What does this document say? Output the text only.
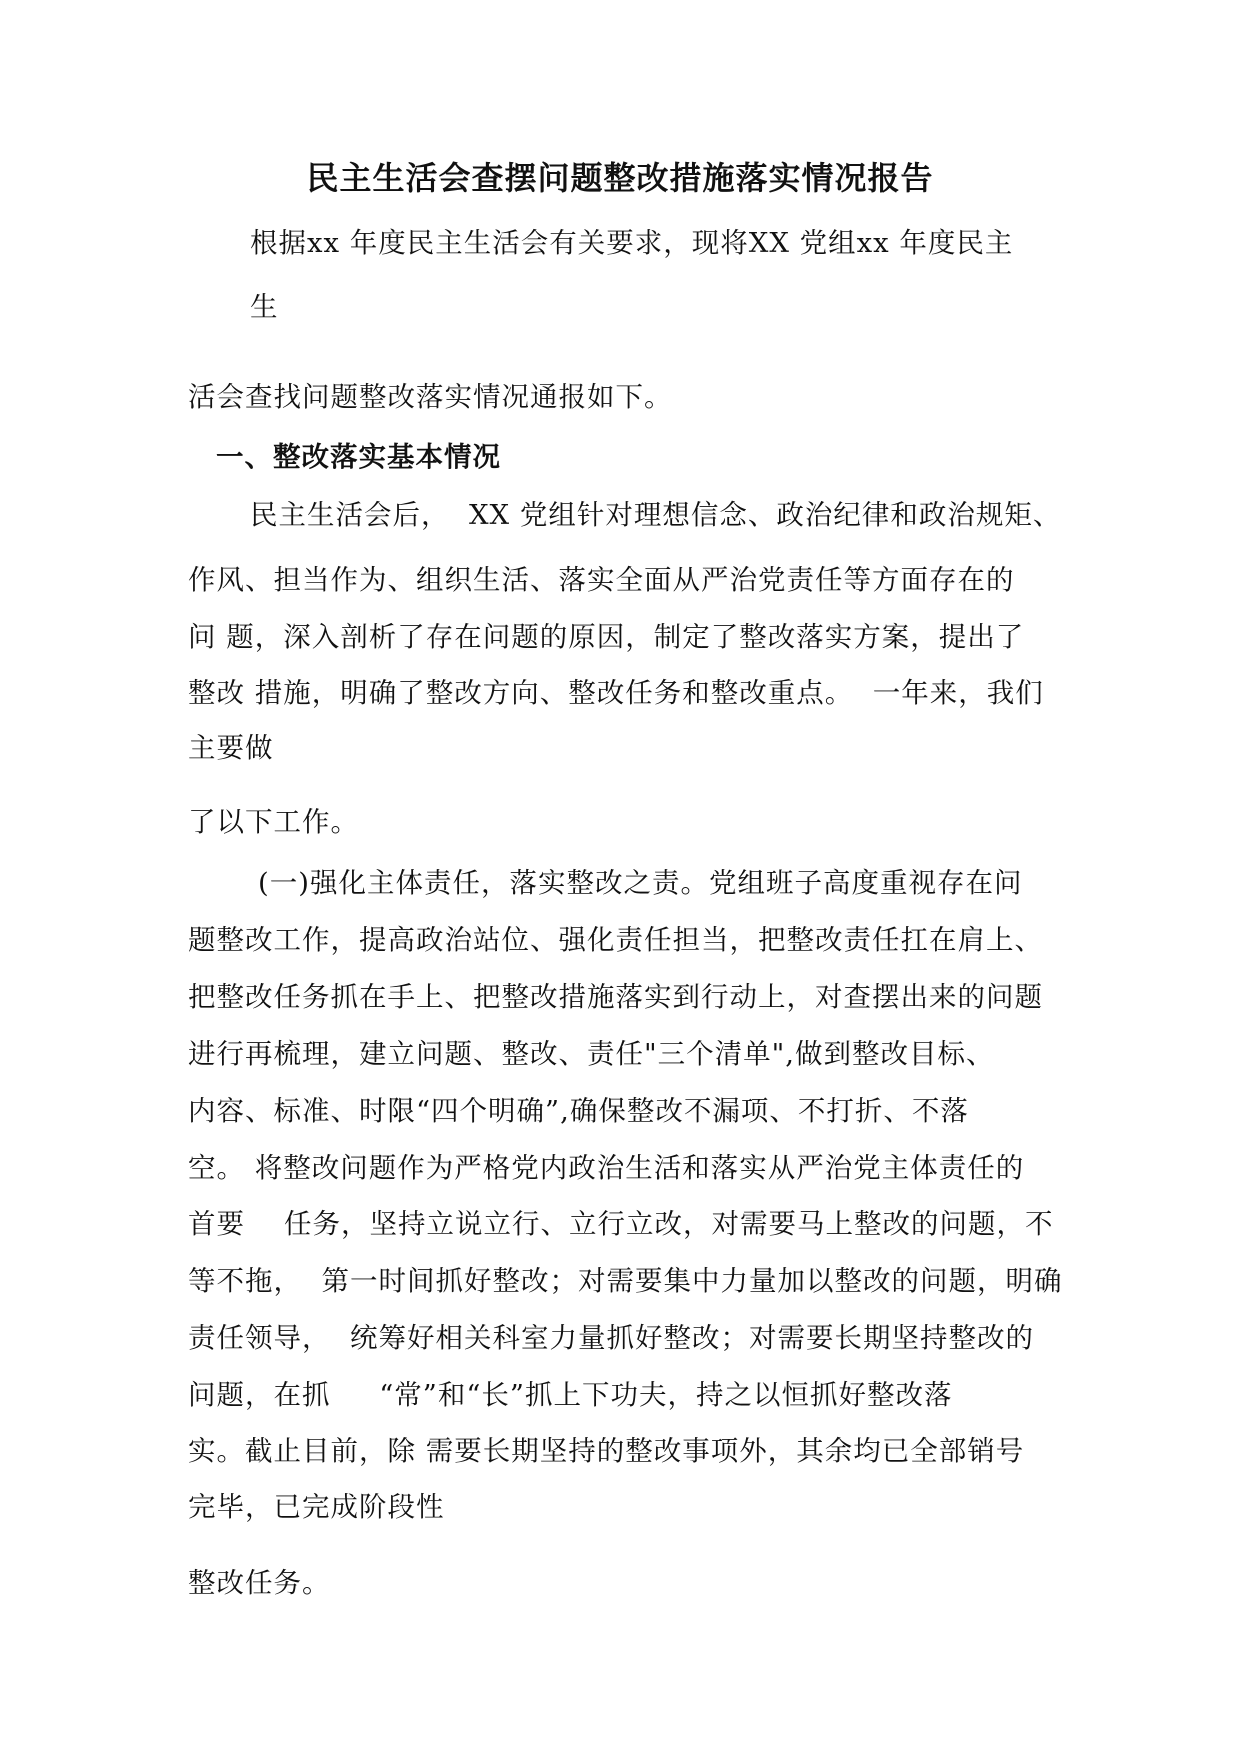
民主生活会查摆问题整改措施落实情况报告
根据xx 年度民主生活会有关要求，现将XX 党组xx 年度民主
生
活会查找问题整改落实情况通报如下。
一、整改落实基本情况
民主生活会后，  XX 党组针对理想信念、政治纪律和政治规矩、
作风、担当作为、组织生活、落实全面从严治党责任等方面存在的
问 题，深入剖析了存在问题的原因，制定了整改落实方案，提出了
整改 措施，明确了整改方向、整改任务和整改重点。  一年来，我们
主要做
了以下工作。
(一)强化主体责任，落实整改之责。党组班子高度重视存在问
题整改工作，提高政治站位、强化责任担当，把整改责任扛在肩上、
把整改任务抓在手上、把整改措施落实到行动上，对查摆出来的问题
进行再梳理，建立问题、整改、责任"三个清单",做到整改目标、
内容、标准、时限“四个明确”,确保整改不漏项、不打折、不落
空。 将整改问题作为严格党内政治生活和落实从严治党主体责任的
首要    任务，坚持立说立行、立行立改，对需要马上整改的问题，不
等不拖，  第一时间抓好整改；对需要集中力量加以整改的问题，明确
责任领导，  统筹好相关科室力量抓好整改；对需要长期坚持整改的
问题，在抓     “常”和“长”抓上下功夫，持之以恒抓好整改落
实。截止目前，除 需要长期坚持的整改事项外，其余均已全部销号
完毕，已完成阶段性
整改任务。
